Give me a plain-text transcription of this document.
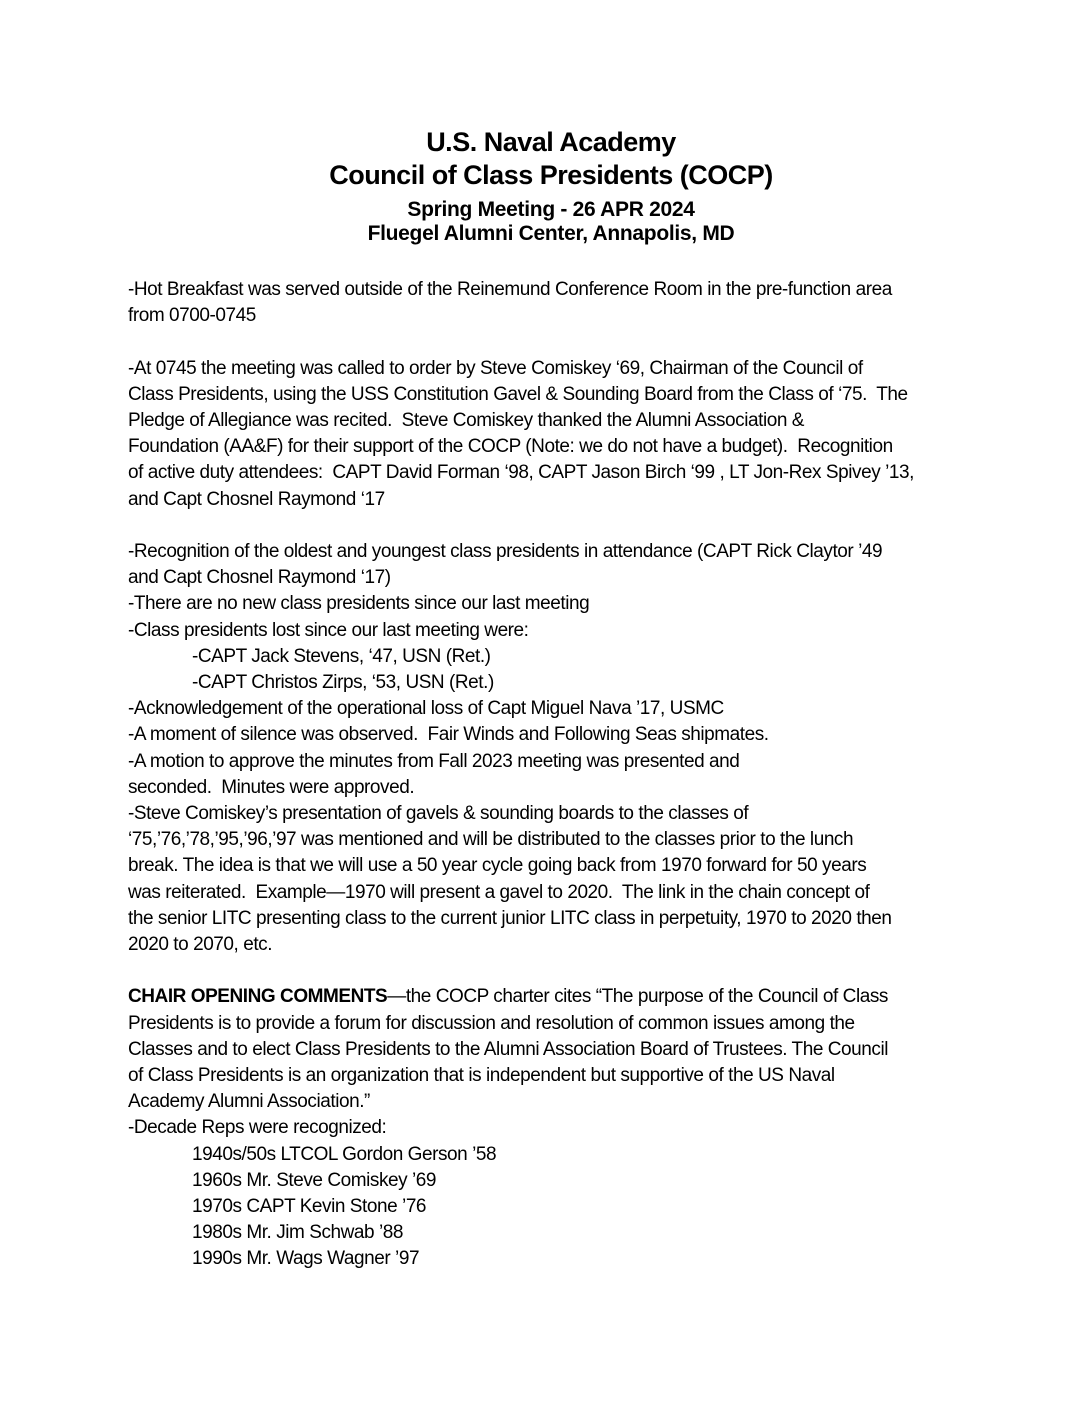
U.S. Naval Academy
Council of Class Presidents (COCP)
Spring Meeting - 26 APR 2024
Fluegel Alumni Center, Annapolis, MD
-Hot Breakfast was served outside of the Reinemund Conference Room in the pre-function area
from 0700-0745
-At 0745 the meeting was called to order by Steve Comiskey ‘69, Chairman of the Council of
Class Presidents, using the USS Constitution Gavel & Sounding Board from the Class of ‘75.  The
Pledge of Allegiance was recited.  Steve Comiskey thanked the Alumni Association &
Foundation (AA&F) for their support of the COCP (Note: we do not have a budget).  Recognition
of active duty attendees:  CAPT David Forman ‘98, CAPT Jason Birch ‘99 , LT Jon-Rex Spivey ’13,
and Capt Chosnel Raymond ‘17
-Recognition of the oldest and youngest class presidents in attendance (CAPT Rick Claytor ’49
and Capt Chosnel Raymond ‘17)
-There are no new class presidents since our last meeting
-Class presidents lost since our last meeting were:
-CAPT Jack Stevens, ‘47, USN (Ret.)
-CAPT Christos Zirps, ‘53, USN (Ret.)
-Acknowledgement of the operational loss of Capt Miguel Nava ’17, USMC
-A moment of silence was observed.  Fair Winds and Following Seas shipmates.
-A motion to approve the minutes from Fall 2023 meeting was presented and
seconded.  Minutes were approved.
-Steve Comiskey’s presentation of gavels & sounding boards to the classes of
‘75,’76,’78,’95,’96,’97 was mentioned and will be distributed to the classes prior to the lunch
break. The idea is that we will use a 50 year cycle going back from 1970 forward for 50 years
was reiterated.  Example—1970 will present a gavel to 2020.  The link in the chain concept of
the senior LITC presenting class to the current junior LITC class in perpetuity, 1970 to 2020 then
2020 to 2070, etc.
CHAIR OPENING COMMENTS—the COCP charter cites “The purpose of the Council of Class
Presidents is to provide a forum for discussion and resolution of common issues among the
Classes and to elect Class Presidents to the Alumni Association Board of Trustees. The Council
of Class Presidents is an organization that is independent but supportive of the US Naval
Academy Alumni Association.”
-Decade Reps were recognized:
1940s/50s LTCOL Gordon Gerson ’58
1960s Mr. Steve Comiskey ’69
1970s CAPT Kevin Stone ’76
1980s Mr. Jim Schwab ’88
1990s Mr. Wags Wagner ’97
